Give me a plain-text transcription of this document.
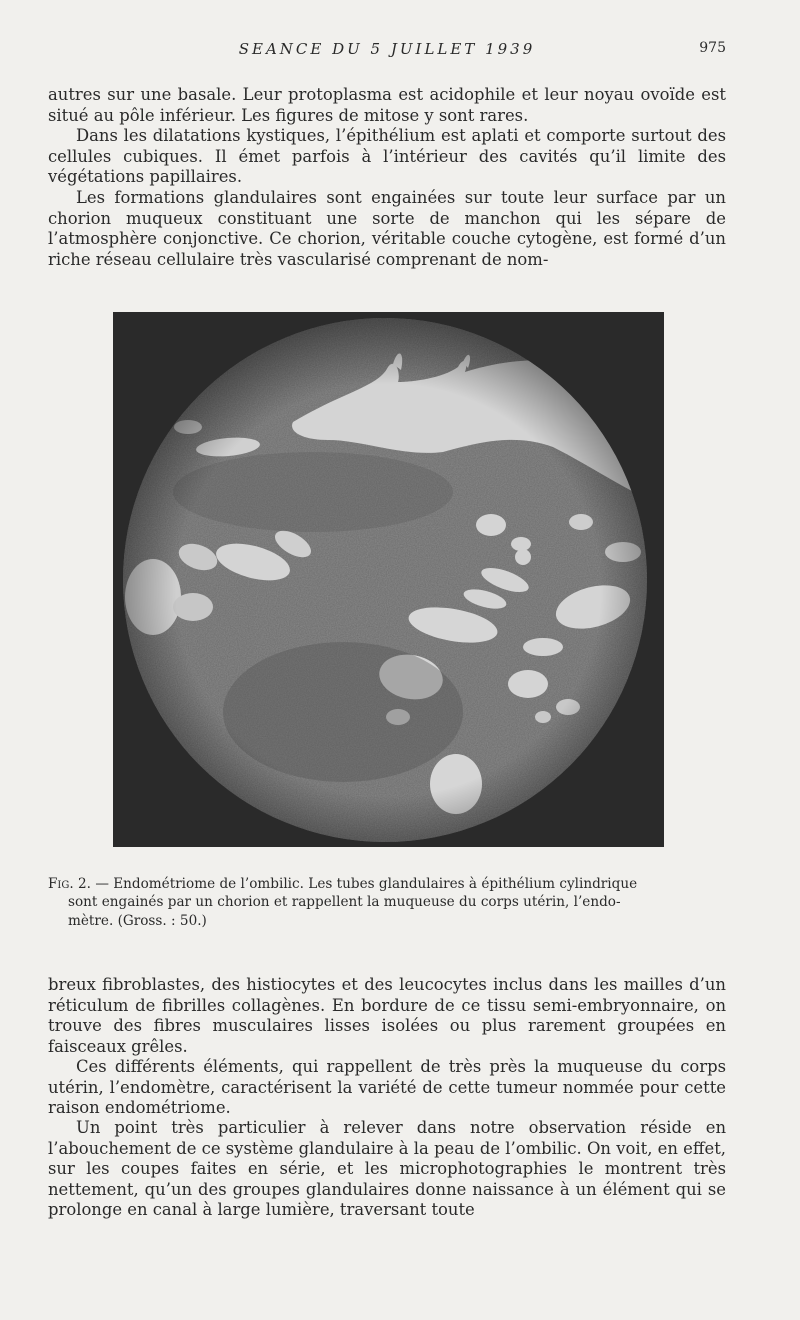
SEANCE DU 5 JUILLET 1939	975

autres sur une basale. Leur protoplasma est acidophile et leur noyau ovoïde est situé au pôle inférieur. Les figures de mitose y sont rares.

Dans les dilatations kystiques, l’épithélium est aplati et comporte surtout des cellules cubiques. Il émet parfois à l’intérieur des cavités qu’il limite des végétations papillaires.

Les formations glandulaires sont engainées sur toute leur surface par un chorion muqueux constituant une sorte de manchon qui les sépare de l’atmosphère conjonctive. Ce chorion, véritable couche cytogène, est formé d’un riche réseau cellulaire très vascularisé comprenant de nom-

Fig. 2. — Endométriome de l’ombilic. Les tubes glandulaires à épithélium cylindrique

sont engainés par un chorion et rappellent la muqueuse du corps utérin, l’endo-

mètre. (Gross. : 50.)

breux fibroblastes, des histiocytes et des leucocytes inclus dans les mailles d’un réticulum de fibrilles collagènes. En bordure de ce tissu semi-embryonnaire, on trouve des fibres musculaires lisses isolées ou plus rarement groupées en faisceaux grêles.

Ces différents éléments, qui rappellent de très près la muqueuse du corps utérin, l’endomètre, caractérisent la variété de cette tumeur nommée pour cette raison endométriome.

Un point très particulier à relever dans notre observation réside en l’abouchement de ce système glandulaire à la peau de l’ombilic. On voit, en effet, sur les coupes faites en série, et les microphotographies le montrent très nettement, qu’un des groupes glandulaires donne naissance à un élément qui se prolonge en canal à large lumière, traversant toute
